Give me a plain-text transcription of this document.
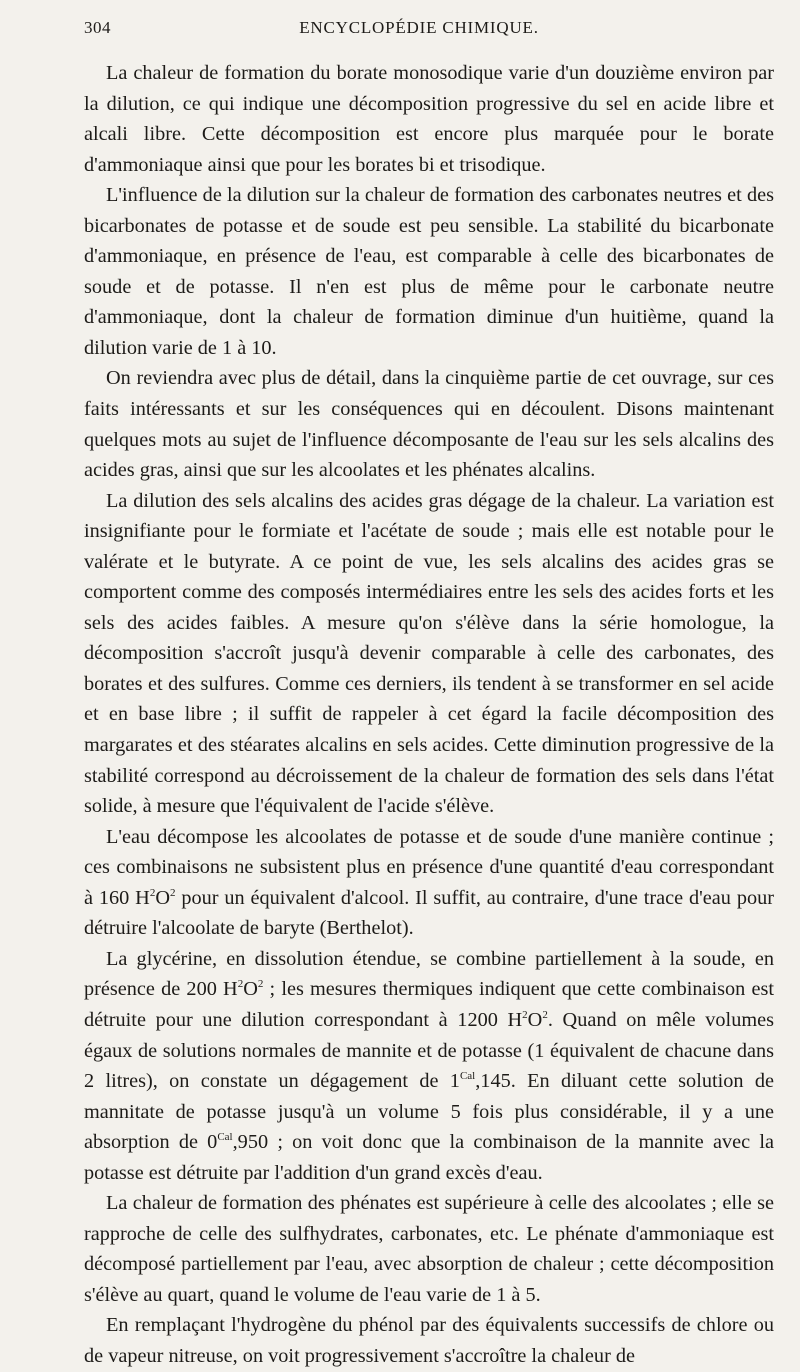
304	ENCYCLOPÉDIE CHIMIQUE.

La chaleur de formation du borate monosodique varie d'un douzième environ par la dilution, ce qui indique une décomposition progressive du sel en acide libre et alcali libre. Cette décomposition est encore plus marquée pour le borate d'ammoniaque ainsi que pour les borates bi et trisodique.

L'influence de la dilution sur la chaleur de formation des carbonates neutres et des bicarbonates de potasse et de soude est peu sensible. La stabilité du bicarbonate d'ammoniaque, en présence de l'eau, est comparable à celle des bicarbonates de soude et de potasse. Il n'en est plus de même pour le carbonate neutre d'ammoniaque, dont la chaleur de formation diminue d'un huitième, quand la dilution varie de 1 à 10.

On reviendra avec plus de détail, dans la cinquième partie de cet ouvrage, sur ces faits intéressants et sur les conséquences qui en découlent. Disons maintenant quelques mots au sujet de l'influence décomposante de l'eau sur les sels alcalins des acides gras, ainsi que sur les alcoolates et les phénates alcalins.

La dilution des sels alcalins des acides gras dégage de la chaleur. La variation est insignifiante pour le formiate et l'acétate de soude ; mais elle est notable pour le valérate et le butyrate. A ce point de vue, les sels alcalins des acides gras se comportent comme des composés intermédiaires entre les sels des acides forts et les sels des acides faibles. A mesure qu'on s'élève dans la série homologue, la décomposition s'accroît jusqu'à devenir comparable à celle des carbonates, des borates et des sulfures. Comme ces derniers, ils tendent à se transformer en sel acide et en base libre ; il suffit de rappeler à cet égard la facile décomposition des margarates et des stéarates alcalins en sels acides. Cette diminution progressive de la stabilité correspond au décroissement de la chaleur de formation des sels dans l'état solide, à mesure que l'équivalent de l'acide s'élève.

L'eau décompose les alcoolates de potasse et de soude d'une manière continue ; ces combinaisons ne subsistent plus en présence d'une quantité d'eau correspondant à 160 $H^2O^2$ pour un équivalent d'alcool. Il suffit, au contraire, d'une trace d'eau pour détruire l'alcoolate de baryte (Berthelot).

La glycérine, en dissolution étendue, se combine partiellement à la soude, en présence de 200 $H^2O^2$ ; les mesures thermiques indiquent que cette combinaison est détruite pour une dilution correspondant à 1200 $H^2O^2$. Quand on mêle volumes égaux de solutions normales de mannite et de potasse (1 équivalent de chacune dans 2 litres), on constate un dégagement de $1^{Cal},145$. En diluant cette solution de mannitate de potasse jusqu'à un volume 5 fois plus considérable, il y a une absorption de $0^{Cal},950$ ; on voit donc que la combinaison de la mannite avec la potasse est détruite par l'addition d'un grand excès d'eau.

La chaleur de formation des phénates est supérieure à celle des alcoolates ; elle se rapproche de celle des sulfhydrates, carbonates, etc. Le phénate d'ammoniaque est décomposé partiellement par l'eau, avec absorption de chaleur ; cette décomposition s'élève au quart, quand le volume de l'eau varie de 1 à 5.

En remplaçant l'hydrogène du phénol par des équivalents successifs de chlore ou de vapeur nitreuse, on voit progressivement s'accroître la chaleur de
